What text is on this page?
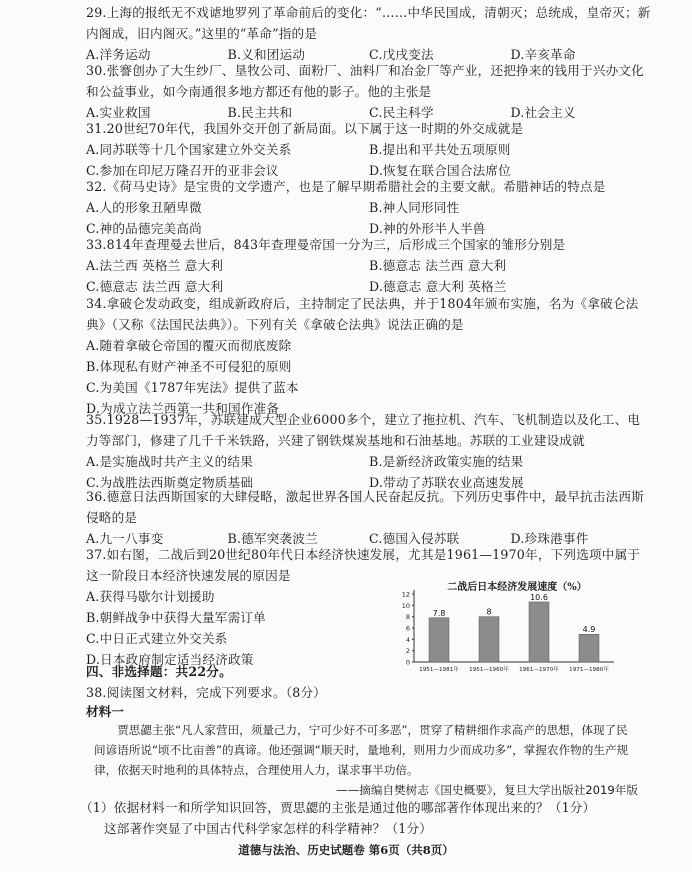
29.上海的报纸无不戏谑地罗列了革命前后的变化：“……中华民国成，清朝灭；总统成，皇帝灭；新内阁成，旧内阁灭。”这里的“革命”指的是
A.洋务运动	B.义和团运动	C.戊戌变法	D.辛亥革命
30.张謇创办了大生纱厂、垦牧公司、面粉厂、油料厂和冶金厂等产业，还把挣来的钱用于兴办文化和公益事业，如今南通很多地方都还有他的影子。他的主张是
A.实业救国	B.民主共和	C.民主科学	D.社会主义
31.20世纪70年代，我国外交开创了新局面。以下属于这一时期的外交成就是
A.同苏联等十几个国家建立外交关系	B.提出和平共处五项原则
C.参加在印尼万隆召开的亚非会议	D.恢复在联合国合法席位
32.《荷马史诗》是宝贵的文学遗产，也是了解早期希腊社会的主要文献。希腊神话的特点是
A.人的形象丑陋卑微	B.神人同形同性
C.神的品德完美高尚	D.神的外形半人半兽
33.814年查理曼去世后，843年查理曼帝国一分为三，后形成三个国家的雏形分别是
A.法兰西 英格兰 意大利	B.德意志 法兰西 意大利
C.德意志 法兰西 意大利	D.德意志 意大利 英格兰
34.拿破仑发动政变，组成新政府后，主持制定了民法典，并于1804年颁布实施，名为《拿破仑法典》（又称《法国民法典》）。下列有关《拿破仑法典》说法正确的是
A.随着拿破仑帝国的覆灭而彻底废除
B.体现私有财产神圣不可侵犯的原则
C.为美国《1787年宪法》提供了蓝本
D.为成立法兰西第一共和国作准备
35.1928—1937年，苏联建成大型企业6000多个，建立了拖拉机、汽车、飞机制造以及化工、电力等部门，修建了几千千米铁路，兴建了钢铁煤炭基地和石油基地。苏联的工业建设成就
A.是实施战时共产主义的结果	B.是新经济政策实施的结果
C.为战胜法西斯奠定物质基础	D.带动了苏联农业高速发展
36.德意日法西斯国家的大肆侵略，激起世界各国人民奋起反抗。下列历史事件中，最早抗击法西斯侵略的是
A.九一八事变	B.德军突袭波兰	C.德国入侵苏联	D.珍珠港事件
37.如右图，二战后到20世纪80年代日本经济快速发展，尤其是1961—1970年，下列选项中属于这一阶段日本经济快速发展的原因是
A.获得马歇尔计划援助
B.朝鲜战争中获得大量军需订单
C.中日正式建立外交关系
D.日本政府制定适当经济政策
二战后日本经济发展速度（%）
0
2
4
6
8
10
12
7.8
1951—1981年
8
1951—1960年
10.6
1961—1970年
4.9
1971—1980年
四、非选择题：共22分。
38.阅读图文材料，完成下列要求。（8分）
材料一
贾思勰主张“凡人家营田，须量己力，宁可少好不可多恶”，贯穿了精耕细作求高产的思想，体现了民间谚语所说“顷不比亩善”的真谛。他还强调“顺天时，量地利，则用力少而成功多”，掌握农作物的生产规律，依据天时地利的具体特点，合理使用人力，谋求事半功倍。
——摘编自樊树志《国史概要》，复旦大学出版社2019年版
道德与法治、历史试题卷 第6页（共8页）
（1）依据材料一和所学知识回答，贾思勰的主张是通过他的哪部著作体现出来的？（1分）
这部著作突显了中国古代科学家怎样的科学精神？（1分）
